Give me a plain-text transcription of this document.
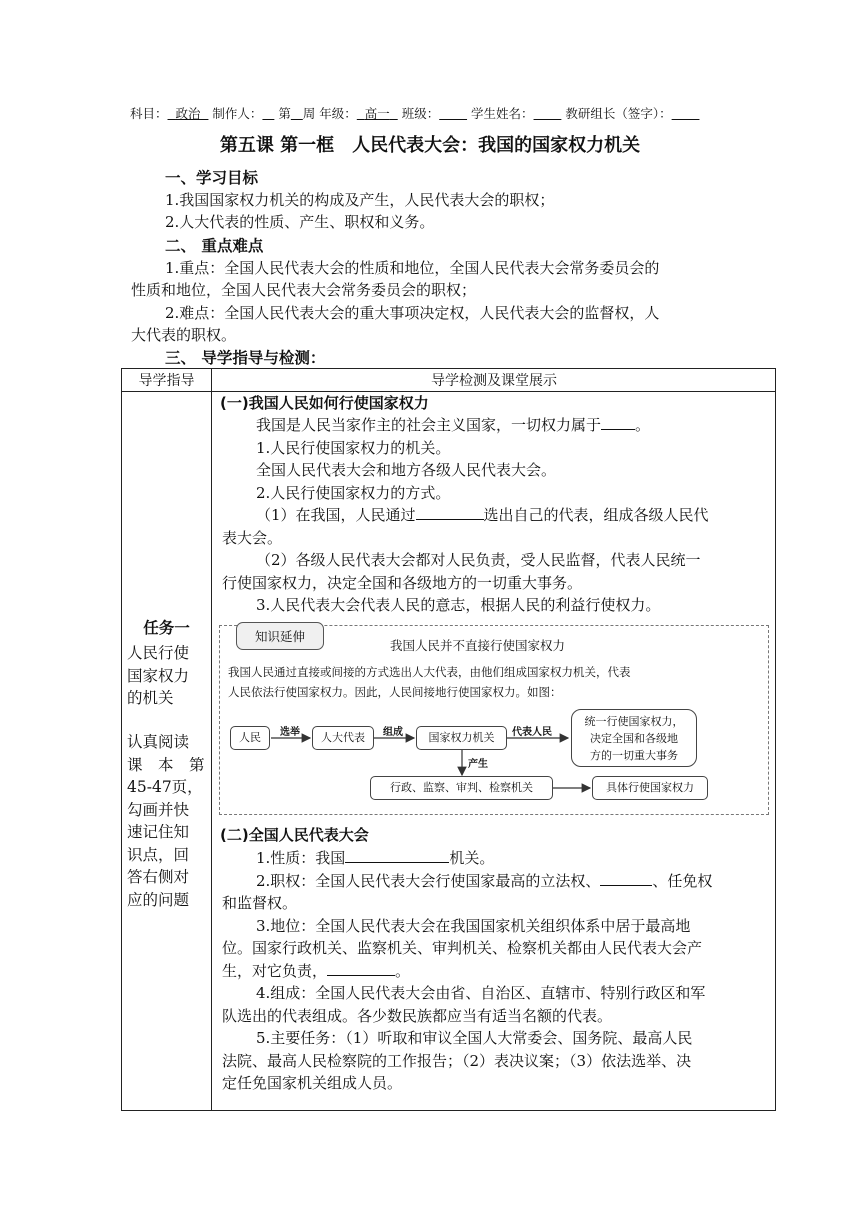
科目： 政治 制作人： 第 周 年级： 高一 班级：	学生姓名：	教研组长（签字）：
第五课 第一框　人民代表大会：我国的国家权力机关
一、学习目标
1.我国国家权力机关的构成及产生，人民代表大会的职权；
2.人大代表的性质、产生、职权和义务。
二、 重点难点
1.重点：全国人民代表大会的性质和地位，全国人民代表大会常务委员会的
性质和地位，全国人民代表大会常务委员会的职权；
2.难点：全国人民代表大会的重大事项决定权，人民代表大会的监督权，人
大代表的职权。
三、 导学指导与检测：
导学指导	导学检测及课堂展示
任务一
人民行使
国家权力
的机关
认真阅读
课　本　第
45-47页，
勾画并快
速记住知
识点，回
答右侧对
应的问题
(一)我国人民如何行使国家权力
我国是人民当家作主的社会主义国家，一切权力属于 。
1.人民行使国家权力的机关。
全国人民代表大会和地方各级人民代表大会。
2.人民行使国家权力的方式。
（1）在我国，人民通过	选出自己的代表，组成各级人民代
表大会。
（2）各级人民代表大会都对人民负责，受人民监督，代表人民统一
行使国家权力，决定全国和各级地方的一切重大事务。
3.人民代表大会代表人民的意志，根据人民的利益行使权力。
知识延伸
我国人民并不直接行使国家权力
我国人民通过直接或间接的方式选出人大代表，由他们组成国家权力机关，代表
人民依法行使国家权力。因此，人民间接地行使国家权力。如图：
人民	人大代表	国家权力机关
统一行使国家权力，
决定全国和各级地
方的一切重大事务
行政、监察、审判、检察机关	具体行使国家权力
选举	组成	代表人民
产生
(二)全国人民代表大会
1.性质：我国	机关。
2.职权：全国人民代表大会行使国家最高的立法权、	、任免权
和监督权。
3.地位：全国人民代表大会在我国国家机关组织体系中居于最高地
位。国家行政机关、监察机关、审判机关、检察机关都由人民代表大会产
生，对它负责，	。
4.组成：全国人民代表大会由省、自治区、直辖市、特别行政区和军
队选出的代表组成。各少数民族都应当有适当名额的代表。
5.主要任务：（1）听取和审议全国人大常委会、国务院、最高人民
法院、最高人民检察院的工作报告；（2）表决议案；（3）依法选举、决
定任免国家机关组成人员。
